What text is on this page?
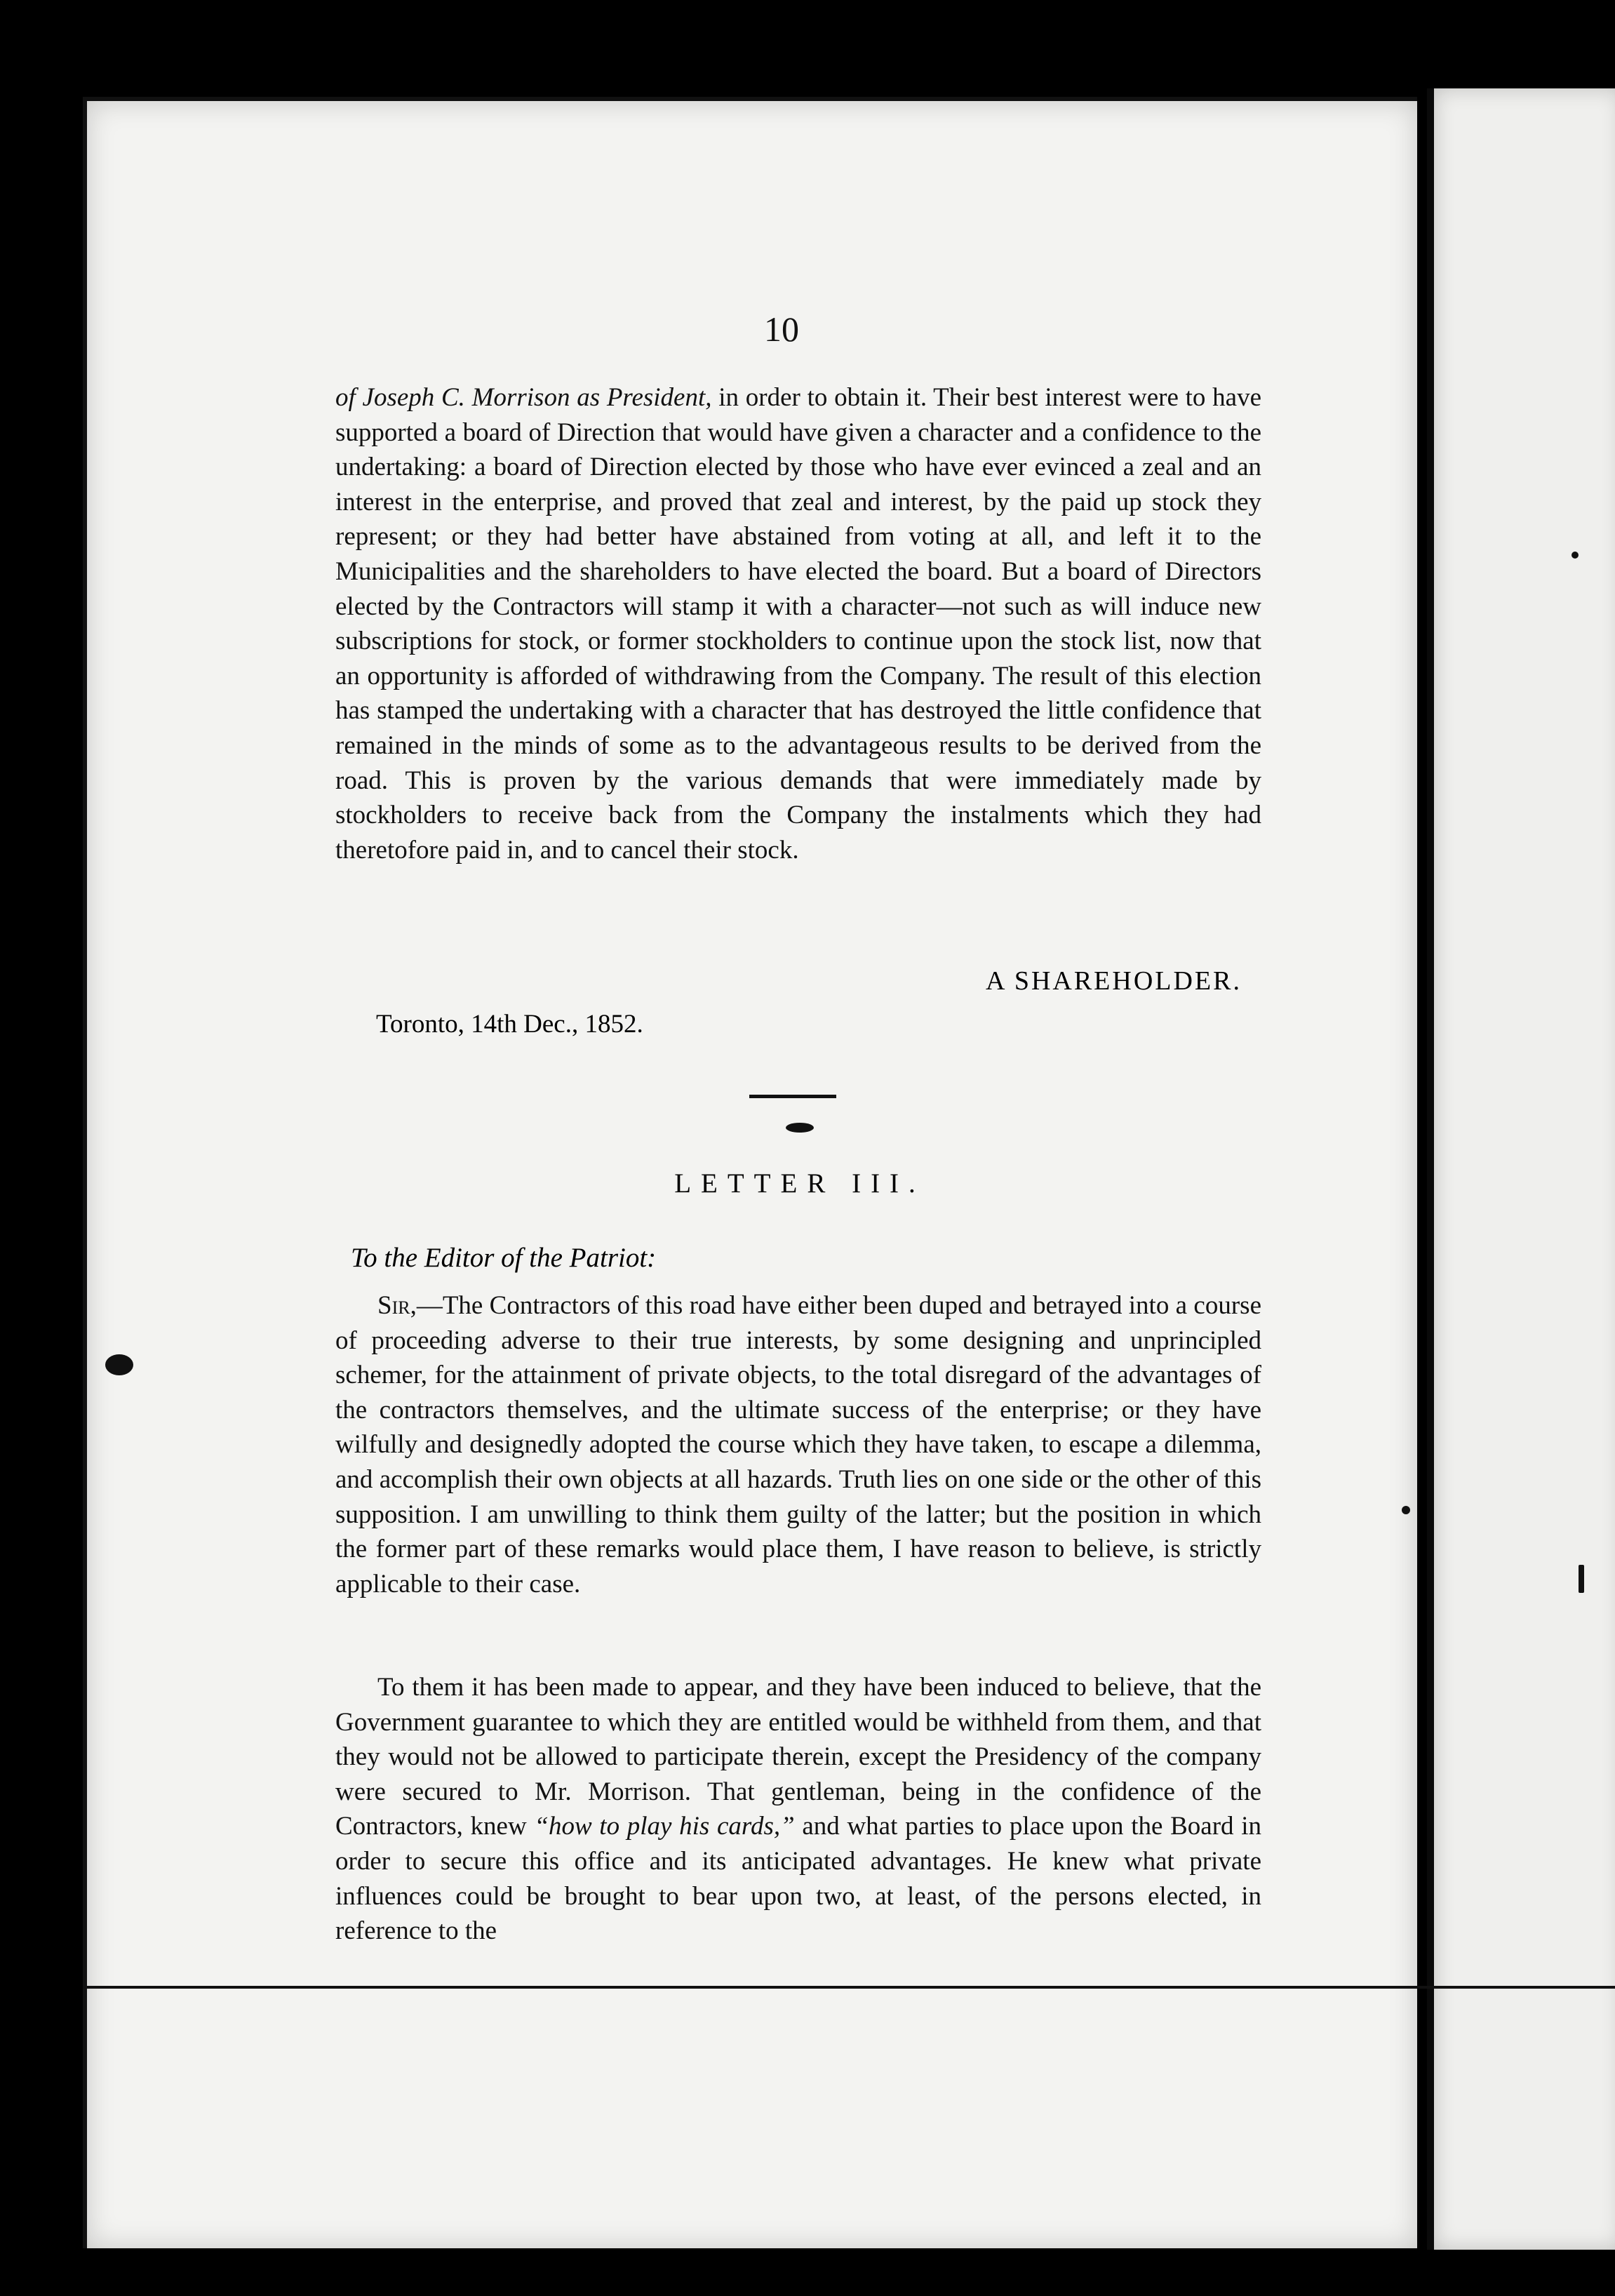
10

of Joseph C. Morrison as President, in order to obtain it. Their best interest were to have supported a board of Direction that would have given a character and a confidence to the undertaking: a board of Direction elected by those who have ever evinced a zeal and an interest in the enterprise, and proved that zeal and interest, by the paid up stock they represent; or they had better have abstained from voting at all, and left it to the Municipalities and the shareholders to have elected the board. But a board of Directors elected by the Contractors will stamp it with a character—not such as will induce new subscriptions for stock, or former stockholders to continue upon the stock list, now that an opportunity is afforded of withdrawing from the Company. The result of this election has stamped the undertaking with a character that has destroyed the little confidence that remained in the minds of some as to the advantageous results to be derived from the road. This is proven by the various demands that were immediately made by stockholders to receive back from the Company the instalments which they had theretofore paid in, and to cancel their stock.

A SHAREHOLDER.
Toronto, 14th Dec., 1852.
LETTER III.
To the Editor of the Patriot:

Sir,—The Contractors of this road have either been duped and betrayed into a course of proceeding adverse to their true interests, by some designing and unprincipled schemer, for the attainment of private objects, to the total disregard of the advantages of the contractors themselves, and the ultimate success of the enterprise; or they have wilfully and designedly adopted the course which they have taken, to escape a dilemma, and accomplish their own objects at all hazards. Truth lies on one side or the other of this supposition. I am unwilling to think them guilty of the latter; but the position in which the former part of these remarks would place them, I have reason to believe, is strictly applicable to their case.

To them it has been made to appear, and they have been induced to believe, that the Government guarantee to which they are entitled would be withheld from them, and that they would not be allowed to participate therein, except the Presidency of the company were secured to Mr. Morrison. That gentleman, being in the confidence of the Contractors, knew “how to play his cards,” and what parties to place upon the Board in order to secure this office and its anticipated advantages. He knew what private influences could be brought to bear upon two, at least, of the persons elected, in reference to the
